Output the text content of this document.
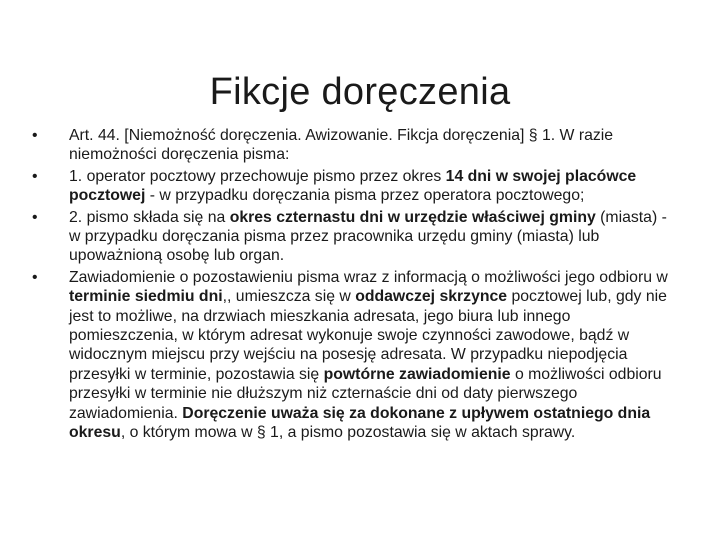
Fikcje doręczenia
•	Art. 44. [Niemożność doręczenia. Awizowanie. Fikcja doręczenia] § 1. W razie niemożności doręczenia pisma:
•	1. operator pocztowy przechowuje pismo przez okres 14 dni w swojej placówce pocztowej - w przypadku doręczania pisma przez operatora pocztowego;
•	2. pismo składa się na okres czternastu dni w urzędzie właściwej gminy (miasta) - w przypadku doręczania pisma przez pracownika urzędu gminy (miasta) lub upoważnioną osobę lub organ.
•	Zawiadomienie o pozostawieniu pisma wraz z informacją o możliwości jego odbioru w terminie siedmiu dni,, umieszcza się w oddawczej skrzynce pocztowej lub, gdy nie jest to możliwe, na drzwiach mieszkania adresata, jego biura lub innego pomieszczenia, w którym adresat wykonuje swoje czynności zawodowe, bądź w widocznym miejscu przy wejściu na posesję adresata. W przypadku niepodjęcia przesyłki w terminie, pozostawia się powtórne zawiadomienie o możliwości odbioru przesyłki w terminie nie dłuższym niż czternaście dni od daty pierwszego zawiadomienia. Doręczenie uważa się za dokonane z upływem ostatniego dnia okresu, o którym mowa w § 1, a pismo pozostawia się w aktach sprawy.
